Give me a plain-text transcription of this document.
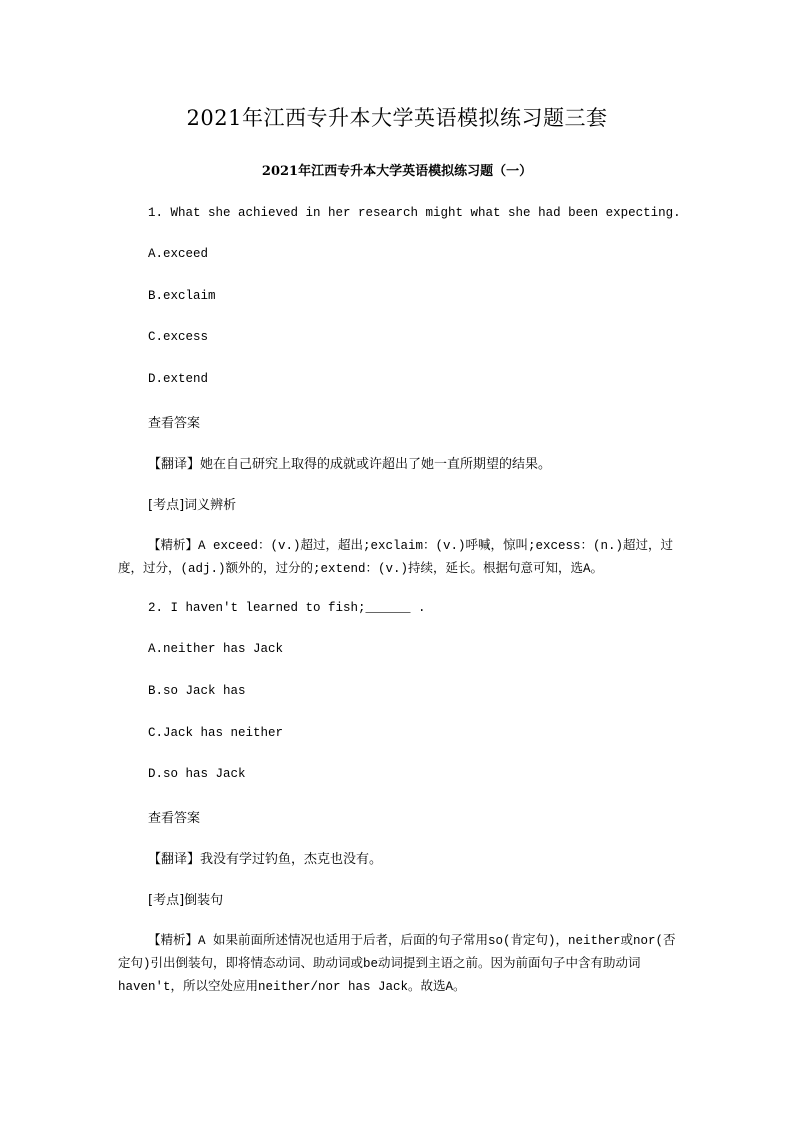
2021年江西专升本大学英语模拟练习题三套
2021年江西专升本大学英语模拟练习题（一）
1. What she achieved in her research might what she had been expecting.
A.exceed
B.exclaim
C.excess
D.extend
查看答案
【翻译】她在自己研究上取得的成就或许超出了她一直所期望的结果。
[考点]词义辨析
【精析】A exceed：(v.)超过，超出;exclaim：(v.)呼喊，惊叫;excess：(n.)超过，过度，过分，(adj.)额外的，过分的;extend：(v.)持续，延长。根据句意可知，选A。
2. I haven't learned to fish;______ .
A.neither has Jack
B.so Jack has
C.Jack has neither
D.so has Jack
查看答案
【翻译】我没有学过钓鱼，杰克也没有。
[考点]倒装句
【精析】A 如果前面所述情况也适用于后者，后面的句子常用so(肯定句)，neither或nor(否定句)引出倒装句，即将情态动词、助动词或be动词提到主语之前。因为前面句子中含有助动词haven't，所以空处应用neither/nor has Jack。故选A。
